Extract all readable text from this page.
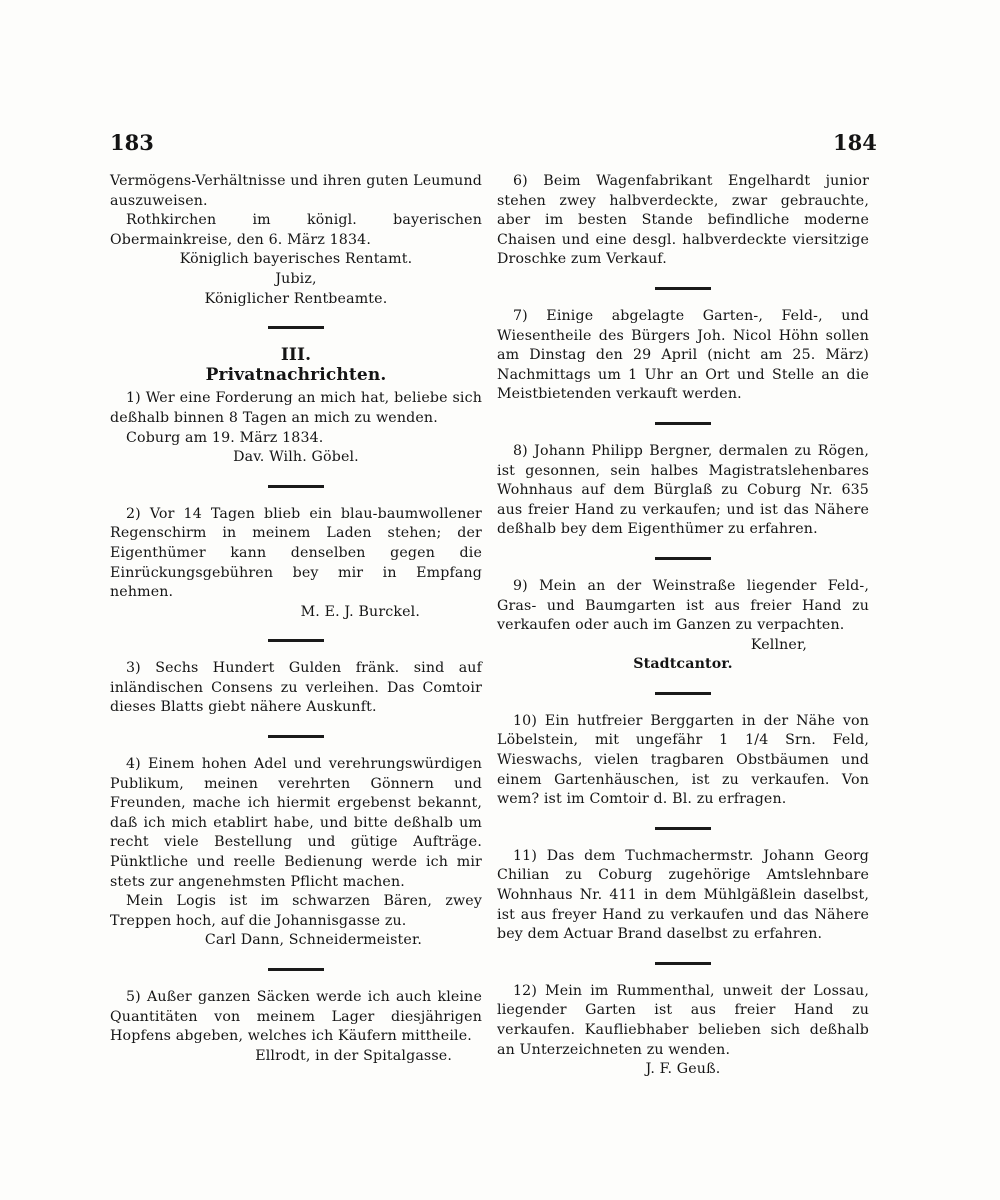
183	184

Vermögens-Verhältnisse und ihren guten Leumund auszuweisen.

Rothkirchen im königl. bayerischen Obermainkreise, den 6. März 1834.

Königlich bayerisches Rentamt.

Jubiz,

Königlicher Rentbeamte.

III.

Privatnachrichten.

1) Wer eine Forderung an mich hat, beliebe sich deßhalb binnen 8 Tagen an mich zu wenden.

Coburg am 19. März 1834.

Dav. Wilh. Göbel.

2) Vor 14 Tagen blieb ein blau-baumwollener Regenschirm in meinem Laden stehen; der Eigenthümer kann denselben gegen die Einrückungsgebühren bey mir in Empfang nehmen.

M. E. J. Burckel.

3) Sechs Hundert Gulden fränk. sind auf inländischen Consens zu verleihen. Das Comtoir dieses Blatts giebt nähere Auskunft.

4) Einem hohen Adel und verehrungswürdigen Publikum, meinen verehrten Gönnern und Freunden, mache ich hiermit ergebenst bekannt, daß ich mich etablirt habe, und bitte deßhalb um recht viele Bestellung und gütige Aufträge. Pünktliche und reelle Bedienung werde ich mir stets zur angenehmsten Pflicht machen.

Mein Logis ist im schwarzen Bären, zwey Treppen hoch, auf die Johannisgasse zu.

Carl Dann, Schneidermeister.

5) Außer ganzen Säcken werde ich auch kleine Quantitäten von meinem Lager diesjährigen Hopfens abgeben, welches ich Käufern mittheile.

Ellrodt, in der Spitalgasse.

6) Beim Wagenfabrikant Engelhardt junior stehen zwey halbverdeckte, zwar gebrauchte, aber im besten Stande befindliche moderne Chaisen und eine desgl. halbverdeckte viersitzige Droschke zum Verkauf.

7) Einige abgelagte Garten-, Feld-, und Wiesentheile des Bürgers Joh. Nicol Höhn sollen am Dinstag den 29 April (nicht am 25. März) Nachmittags um 1 Uhr an Ort und Stelle an die Meistbietenden verkauft werden.

8) Johann Philipp Bergner, dermalen zu Rögen, ist gesonnen, sein halbes Magistratslehenbares Wohnhaus auf dem Bürglaß zu Coburg Nr. 635 aus freier Hand zu verkaufen; und ist das Nähere deßhalb bey dem Eigenthümer zu erfahren.

9) Mein an der Weinstraße liegender Feld-, Gras- und Baumgarten ist aus freier Hand zu verkaufen oder auch im Ganzen zu verpachten.

Kellner,

Stadtcantor.

10) Ein hutfreier Berggarten in der Nähe von Löbelstein, mit ungefähr 1 1/4 Srn. Feld, Wieswachs, vielen tragbaren Obstbäumen und einem Gartenhäuschen, ist zu verkaufen. Von wem? ist im Comtoir d. Bl. zu erfragen.

11) Das dem Tuchmachermstr. Johann Georg Chilian zu Coburg zugehörige Amtslehnbare Wohnhaus Nr. 411 in dem Mühlgäßlein daselbst, ist aus freyer Hand zu verkaufen und das Nähere bey dem Actuar Brand daselbst zu erfahren.

12) Mein im Rummenthal, unweit der Lossau, liegender Garten ist aus freier Hand zu verkaufen. Kaufliebhaber belieben sich deßhalb an Unterzeichneten zu wenden.

J. F. Geuß.
